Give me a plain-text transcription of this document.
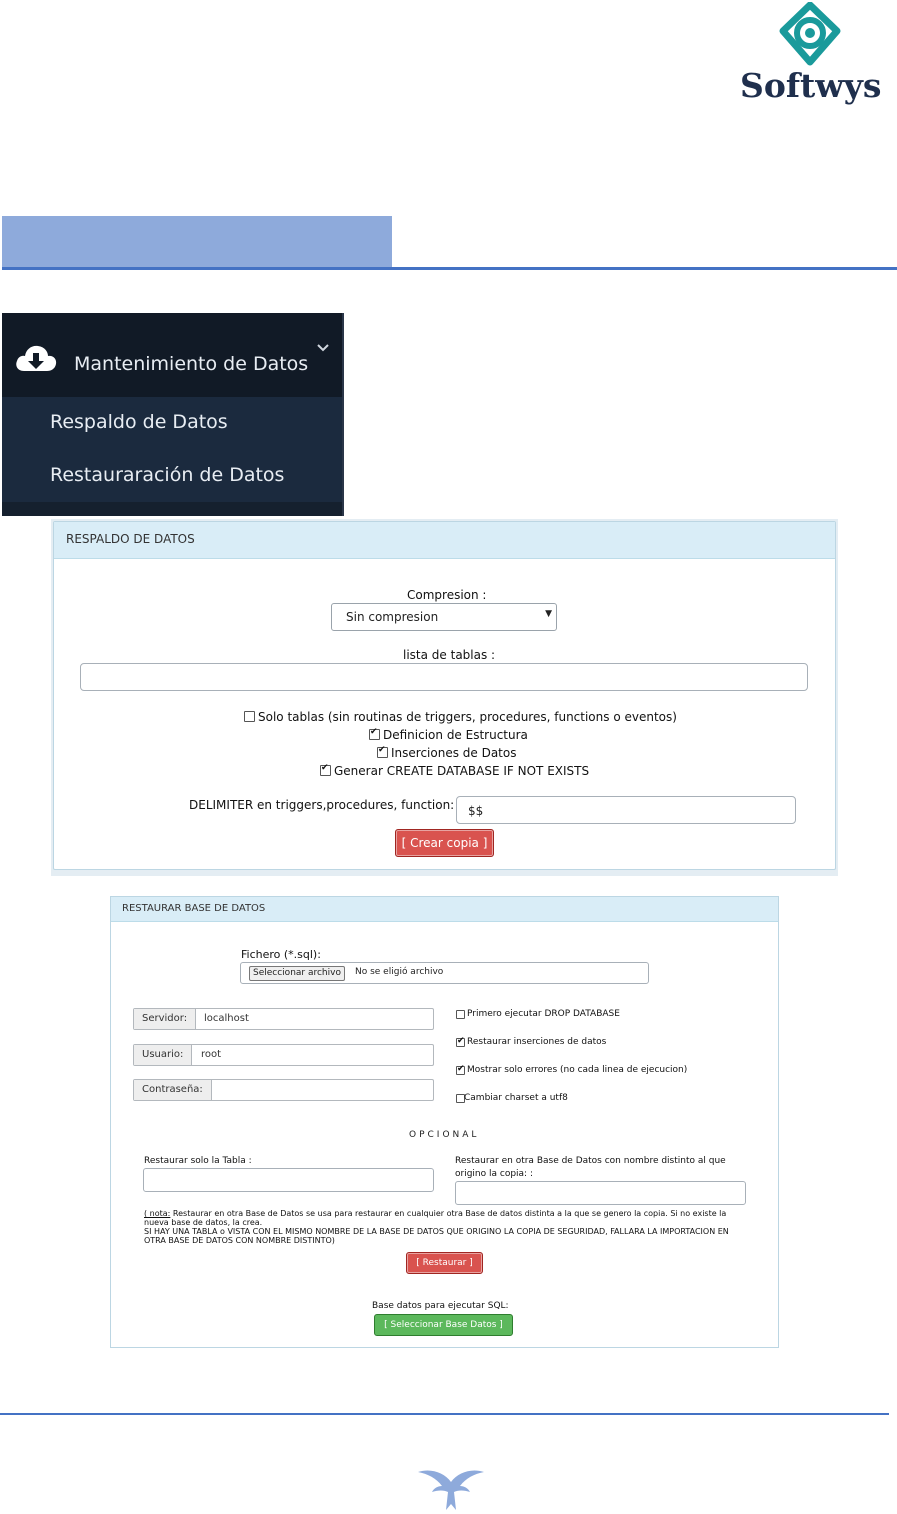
Softwys
Mantenimiento de Datos
Respaldo de Datos
Restauraración de Datos
RESPALDO DE DATOS
Compresion :
Sin compresion	▼
lista de tablas :
Solo tablas (sin routinas de triggers, procedures, functions o eventos)
✔
Definicion de Estructura
✔
Inserciones de Datos
✔
Generar CREATE DATABASE IF NOT EXISTS
DELIMITER en triggers,procedures, function: $$
[ Crear copia ]
RESTAURAR BASE DE DATOS
Fichero (*.sql):
Seleccionar archivo	No se eligió archivo
Servidor:	localhost
Usuario:	root
Contraseña:
Primero ejecutar DROP DATABASE
✔
Restaurar inserciones de datos
✔
Mostrar solo errores (no cada linea de ejecucion)
Cambiar charset a utf8
OPCIONAL
Restaurar solo la Tabla :	Restaurar en otra Base de Datos con nombre distinto al que
origino la copia: :
( nota: Restaurar en otra Base de Datos se usa para restaurar en cualquier otra Base de datos distinta a la que se genero la copia. Si no existe la
nueva base de datos, la crea.
SI HAY UNA TABLA o VISTA CON EL MISMO NOMBRE DE LA BASE DE DATOS QUE ORIGINO LA COPIA DE SEGURIDAD, FALLARA LA IMPORTACION EN
OTRA BASE DE DATOS CON NOMBRE DISTINTO)
[ Restaurar ]
Base datos para ejecutar SQL:
[ Seleccionar Base Datos ]
